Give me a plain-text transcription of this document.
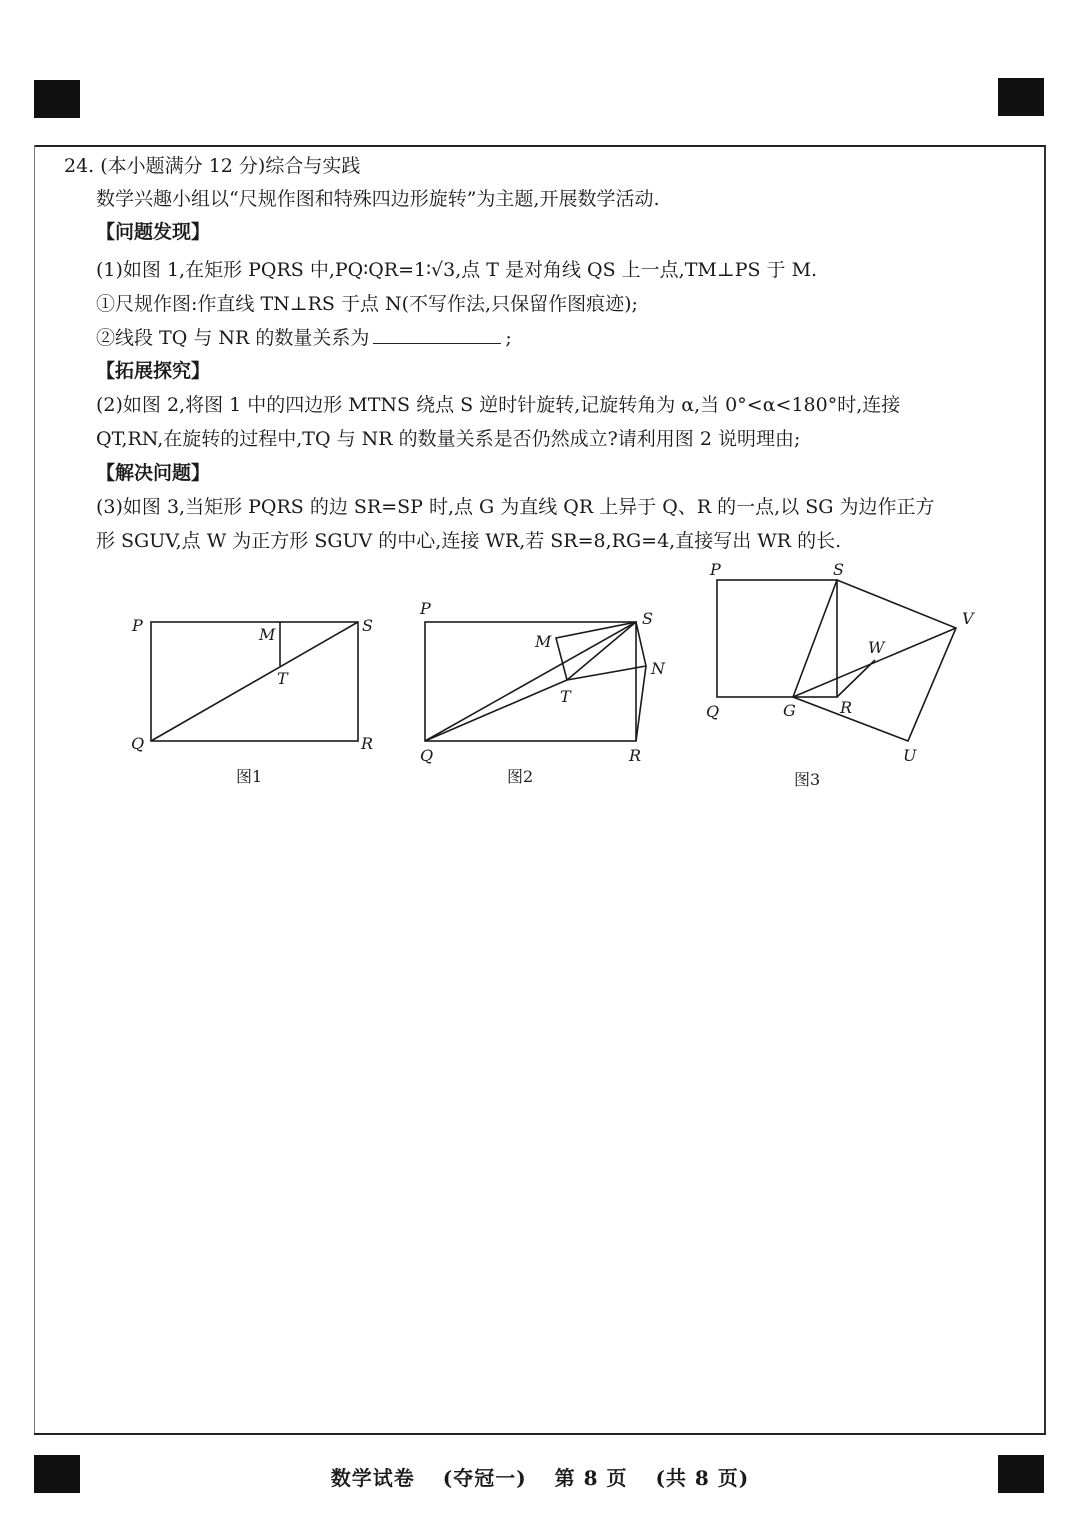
24. (本小题满分 12 分)综合与实践
数学兴趣小组以“尺规作图和特殊四边形旋转”为主题,开展数学活动.
【问题发现】
(1)如图 1,在矩形 PQRS 中,PQ∶QR=1∶√3,点 T 是对角线 QS 上一点,TM⊥PS 于 M.
①尺规作图:作直线 TN⊥RS 于点 N(不写作法,只保留作图痕迹);
②线段 TQ 与 NR 的数量关系为	;
【拓展探究】
(2)如图 2,将图 1 中的四边形 MTNS 绕点 S 逆时针旋转,记旋转角为 α,当 0°<α<180°时,连接
QT,RN,在旋转的过程中,TQ 与 NR 的数量关系是否仍然成立?请利用图 2 说明理由;
【解决问题】
(3)如图 3,当矩形 PQRS 的边 SR=SP 时,点 G 为直线 QR 上异于 Q、R 的一点,以 SG 为边作正方
形 SGUV,点 W 为正方形 SGUV 的中心,连接 WR,若 SR=8,RG=4,直接写出 WR 的长.
P
Q	R
S
M
T
图1
P
Q	R
S
M
T
N
图2
P	S
V
W
Q	G	R
U
图3
数学试卷 (夺冠一) 第 8 页 (共 8 页)
